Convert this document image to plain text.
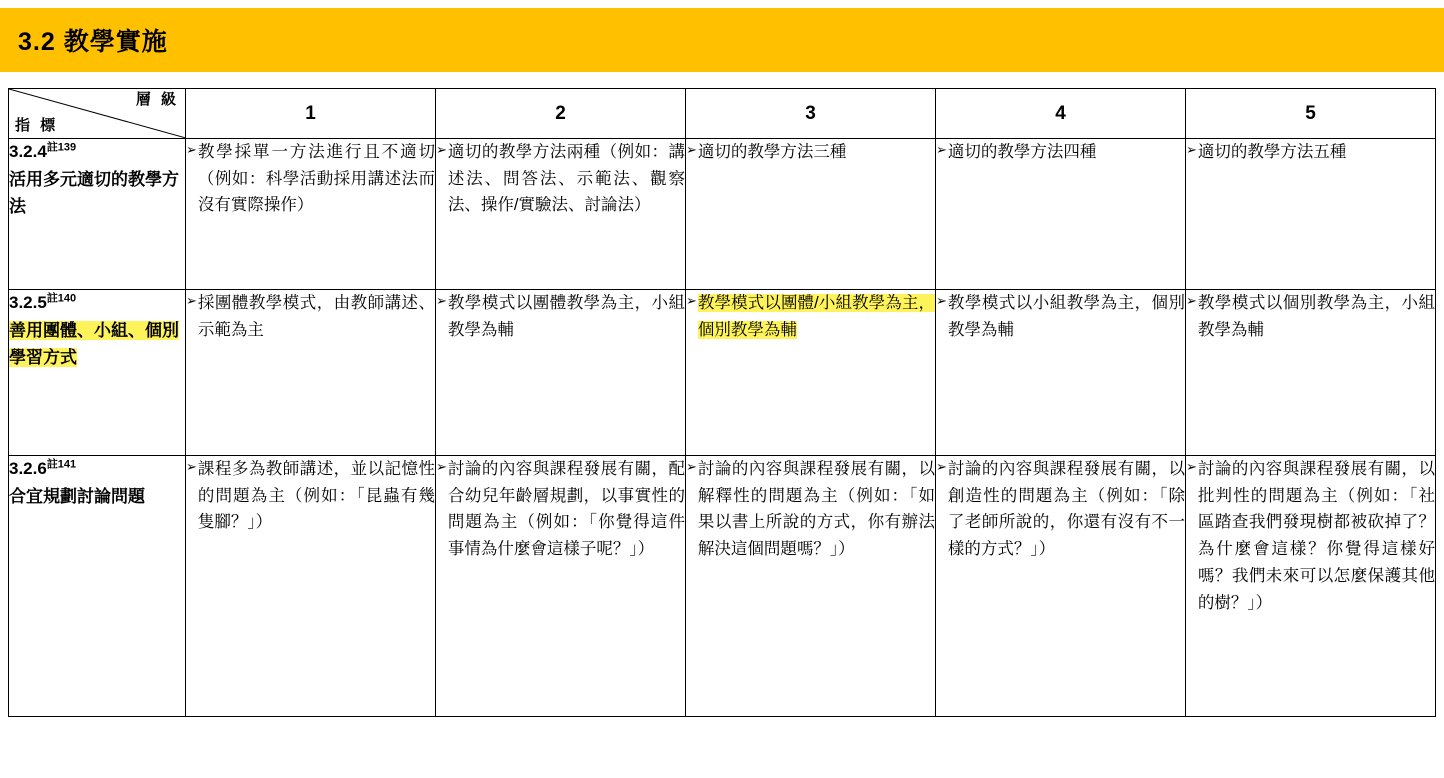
3.2 教學實施
層 級
指 標	1	2	3	4	5
3.2.4$^{註139}$
活用多元適切的教學方法	➢ 教學採單一方法進行且不適切（例如：科學活動採用講述法而沒有實際操作）	➢ 適切的教學方法兩種（例如：講述法、問答法、示範法、觀察法、操作/實驗法、討論法）	➢ 適切的教學方法三種	➢ 適切的教學方法四種	➢ 適切的教學方法五種

3.2.5$^{註140}$
善用團體、小組、個別學習方式	➢ 採團體教學模式，由教師講述、示範為主	➢ 教學模式以團體教學為主，小組教學為輔	➢ 教學模式以團體/小組教學為主，個別教學為輔	➢ 教學模式以小組教學為主，個別教學為輔	➢ 教學模式以個別教學為主，小組教學為輔

3.2.6$^{註141}$
合宜規劃討論問題	➢ 課程多為教師講述，並以記憶性的問題為主（例如：「昆蟲有幾隻腳？」）	➢ 討論的內容與課程發展有關，配合幼兒年齡層規劃，以事實性的問題為主（例如：「你覺得這件事情為什麼會這樣子呢？」）	➢ 討論的內容與課程發展有關，以解釋性的問題為主（例如：「如果以書上所說的方式，你有辦法解決這個問題嗎？」）	➢ 討論的內容與課程發展有關，以創造性的問題為主（例如：「除了老師所說的，你還有沒有不一樣的方式？」）	➢ 討論的內容與課程發展有關，以批判性的問題為主（例如：「社區踏查我們發現樹都被砍掉了？為什麼會這樣？你覺得這樣好嗎？我們未來可以怎麼保護其他的樹？」）
